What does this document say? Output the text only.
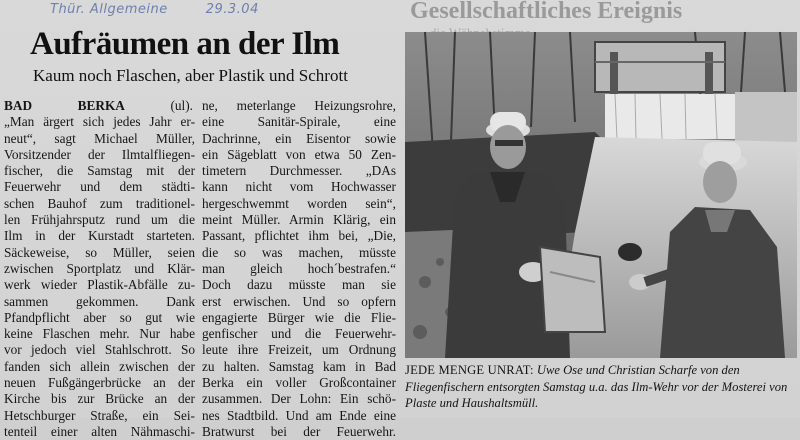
Thür. Allgemeine	29.3.04	Gesellschaftliches Ereignis
Aufräumen an der Ilm
Kaum noch Flaschen, aber Plastik und Schrott
BAD BERKA (ul).
„Man ärgert sich jedes Jahr er-
neut“, sagt Michael Müller,
Vorsitzender der Ilmtalfliegen-
fischer, die Samstag mit der
Feuerwehr und dem städti-
schen Bauhof zum traditionel-
len Frühjahrsputz rund um die
Ilm in der Kurstadt starteten.
Säckeweise, so Müller, seien
zwischen Sportplatz und Klär-
werk wieder Plastik-Abfälle zu-
sammen gekommen. Dank
Pfandpflicht aber so gut wie
keine Flaschen mehr. Nur habe
vor jedoch viel Stahlschrott. So
fanden sich allein zwischen der
neuen Fußgängerbrücke an der
Kirche bis zur Brücke an der
Hetschburger Straße, ein Sei-
tenteil einer alten Nähmaschi-
ne, meterlange Heizungsrohre,
eine Sanitär-Spirale, eine
Dachrinne, ein Eisentor sowie
ein Sägeblatt von etwa 50 Zen-
timetern Durchmesser. „DAs
kann nicht vom Hochwasser
hergeschwemmt worden sein“,
meint Müller. Armin Klärig, ein
Passant, pflichtet ihm bei, „Die,
die so was machen, müsste
man gleich hoch´bestrafen.“
Doch dazu müsste man sie
erst erwischen. Und so opfern
engagierte Bürger wie die Flie-
genfischer und die Feuerwehr-
leute ihre Freizeit, um Ordnung
zu halten. Samstag kam in Bad
Berka ein voller Großcontainer
zusammen. Der Lohn: Ein schö-
nes Stadtbild. Und am Ende eine
Bratwurst bei der Feuerwehr.
JEDE MENGE UNRAT: Uwe Ose und Christian Scharfe von den Fliegenfischern entsorgten Samstag u.a. das Ilm-Wehr vor der Mosterei von Plaste und Haushaltsmüll.
